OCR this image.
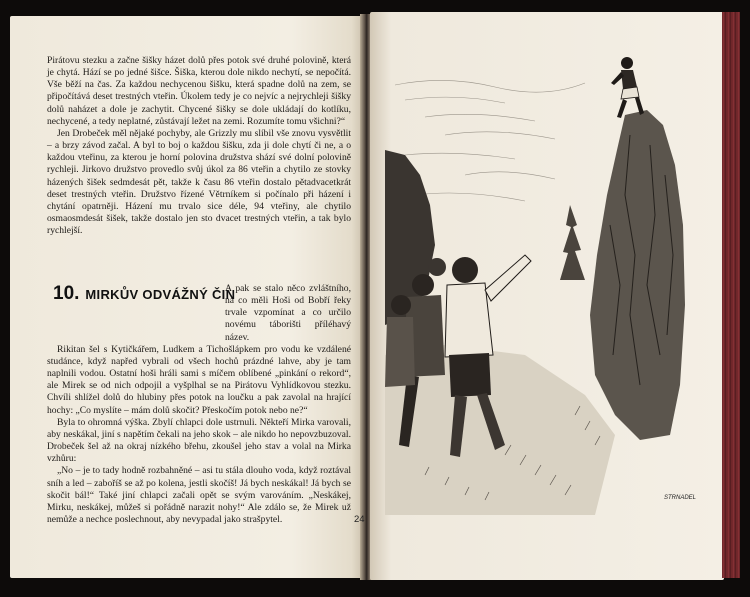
Pirátovu stezku a začne šišky házet dolů přes potok své druhé polovině, která je chytá. Hází se po jedné šišce. Šiška, kterou dole nikdo nechytí, se nepočítá. Vše běží na čas. Za každou nechycenou šišku, která spadne dolů na zem, se připočítává deset trestných vteřin. Úkolem tedy je co nejvíc a nejrychleji šišky dolů naházet a dole je zachytit. Chycené šišky se dole ukládají do kotlíku, nechycené, a tedy neplatné, zůstávají ležet na zemi. Rozumíte tomu všichni?“

Jen Drobeček měl nějaké pochyby, ale Grizzly mu slíbil vše znovu vysvětlit – a brzy závod začal. A byl to boj o každou šišku, zda ji dole chytí či ne, a o každou vteřinu, za kterou je horní polovina družstva shází své dolní polovině rychleji. Jirkovo družstvo provedlo svůj úkol za 86 vteřin a chytilo ze stovky házených šišek sedmdesát pět, takže k času 86 vteřin dostalo pětadvacetkrát deset trestných vteřin. Družstvo řízené Větrníkem si počínalo při házení i chytání opatrněji. Házení mu trvalo sice déle, 94 vteřiny, ale chytilo osmaosmdesát šišek, takže dostalo jen sto dvacet trestných vteřin, a tak bylo rychlejší.

10. MIRKŮV ODVÁŽNÝ ČIN

A pak se stalo něco zvláštního, na co měli Hoši od Bobří řeky trvale vzpomínat a co určilo novému táborišti příléhavý název.

Rikitan šel s Kytičkářem, Ludkem a Tichošlápkem pro vodu ke vzdálené studánce, když napřed vybrali od všech hochů prázdné lahve, aby je tam naplnili vodou. Ostatní hoši hráli sami s míčem oblíbené „pinkání o rekord“, ale Mirek se od nich odpojil a vyšplhal se na Pirátovu Vyhlídkovou stezku. Chvíli shlížel dolů do hlubiny přes potok na loučku a pak zavolal na hrající hochy: „Co myslíte – mám dolů skočit? Přeskočím potok nebo ne?“

Byla to ohromná výška. Zbylí chlapci dole ustrnuli. Někteří Mirka varovali, aby neskákal, jiní s napětím čekali na jeho skok – ale nikdo ho nepovzbuzoval. Drobeček šel až na okraj nízkého břehu, zkoušel jeho stav a volal na Mirka vzhůru:

„No – je to tady hodně rozbahněné – asi tu stála dlouho voda, když roztával sníh a led – zaboříš se až po kolena, jestli skočíš! Já bych neskákal! Já bych se skočit bál!“ Také jiní chlapci začali opět se svým varováním. „Neskákej, Mirku, neskákej, můžeš si pořádně narazit nohy!“ Ale zdálo se, že Mirek už nemůže a nechce poslechnout, aby nevypadal jako strašpytel.	24
STRNADEL
